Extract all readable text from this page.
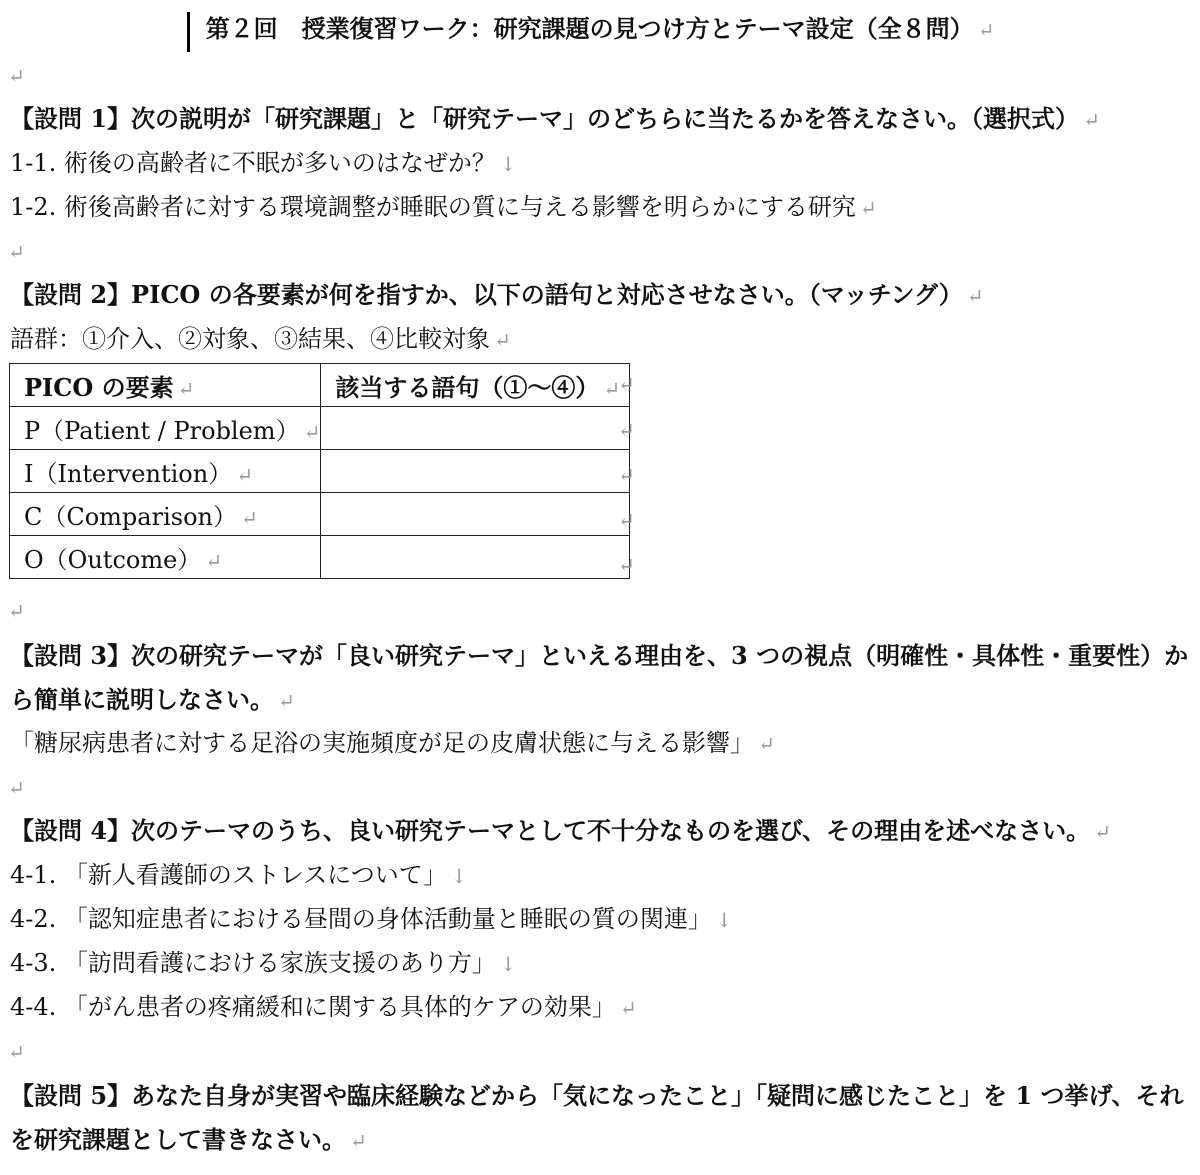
第２回　授業復習ワーク：研究課題の見つけ方とテーマ設定（全８問） ↵
↵
【設問 1】次の説明が「研究課題」と「研究テーマ」のどちらに当たるかを答えなさい。（選択式） ↵
1-1. 術後の高齢者に不眠が多いのはなぜか？ ↓
1-2. 術後高齢者に対する環境調整が睡眠の質に与える影響を明らかにする研究 ↵
↵
【設問 2】PICO の各要素が何を指すか、以下の語句と対応させなさい。（マッチング） ↵
語群：①介入、②対象、③結果、④比較対象 ↵
PICO の要素 ↵	該当する語句（①〜④） ↵
P（Patient / Problem） ↵	
I（Intervention） ↵	
C（Comparison） ↵	
O（Outcome） ↵	
↵
↵
↵
↵
↵
↵
【設問 3】次の研究テーマが「良い研究テーマ」といえる理由を、3 つの視点（明確性・具体性・重要性）から簡単に説明しなさい。 ↵
「糖尿病患者に対する足浴の実施頻度が足の皮膚状態に与える影響」 ↵
↵
【設問 4】次のテーマのうち、良い研究テーマとして不十分なものを選び、その理由を述べなさい。 ↵
4-1. 「新人看護師のストレスについて」 ↓
4-2. 「認知症患者における昼間の身体活動量と睡眠の質の関連」 ↓
4-3. 「訪問看護における家族支援のあり方」 ↓
4-4. 「がん患者の疼痛緩和に関する具体的ケアの効果」 ↵
↵
【設問 5】あなた自身が実習や臨床経験などから「気になったこと」「疑問に感じたこと」を 1 つ挙げ、それを研究課題として書きなさい。 ↵
